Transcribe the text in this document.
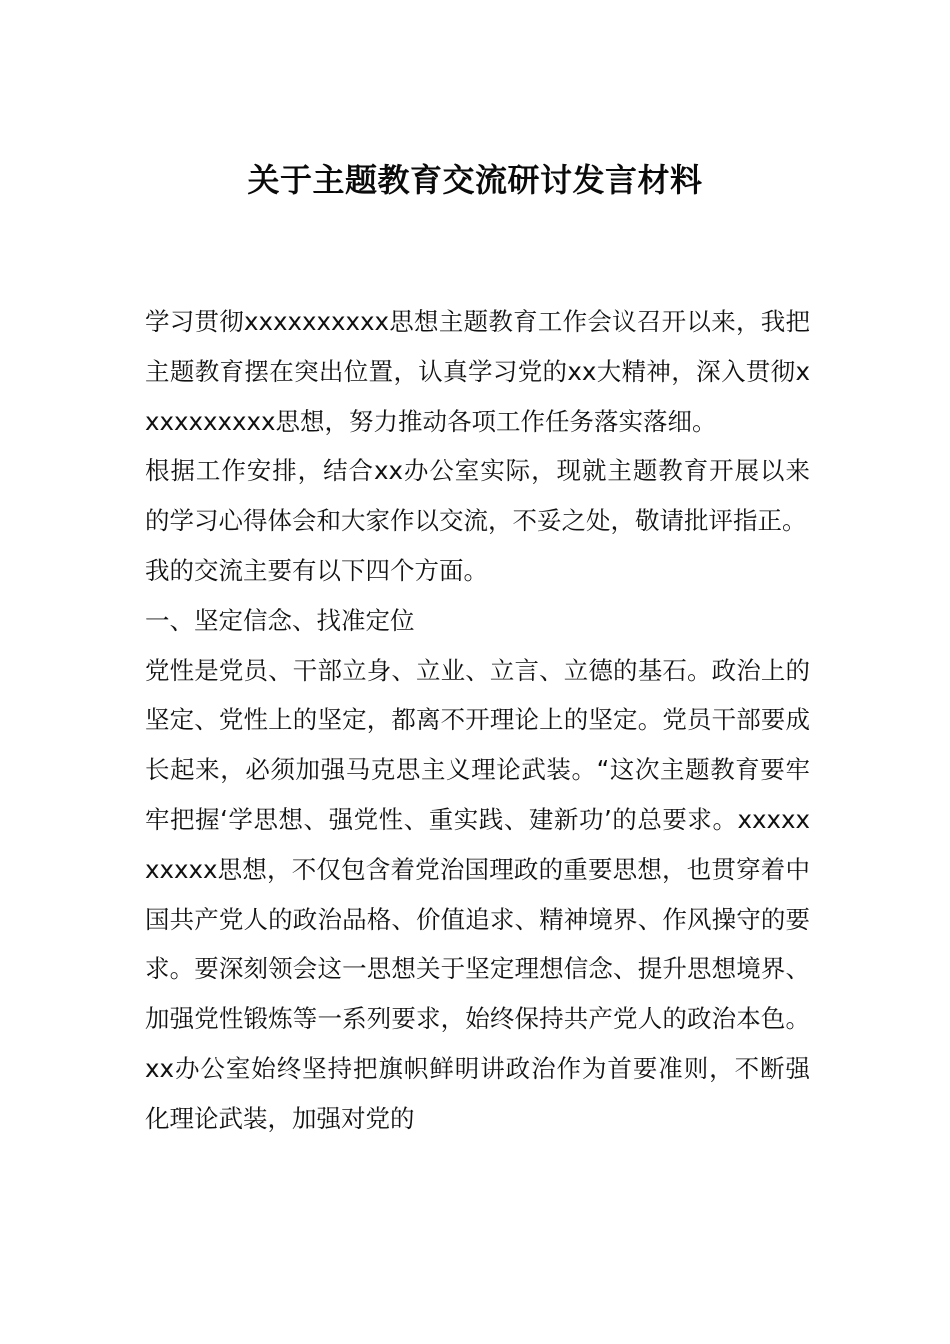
关于主题教育交流研讨发言材料

学习贯彻xxxxxxxxxx思想主题教育工作会议召开以来，我把主题教育摆在突出位置，认真学习党的xx大精神，深入贯彻xxxxxxxxxx思想，努力推动各项工作任务落实落细。

根据工作安排，结合xx办公室实际，现就主题教育开展以来的学习心得体会和大家作以交流，不妥之处，敬请批评指正。

我的交流主要有以下四个方面。

一、坚定信念、找准定位

党性是党员、干部立身、立业、立言、立德的基石。政治上的坚定、党性上的坚定，都离不开理论上的坚定。党员干部要成长起来，必须加强马克思主义理论武装。“这次主题教育要牢牢把握‘学思想、强党性、重实践、建新功’的总要求。xxxxxxxxxx思想，不仅包含着党治国理政的重要思想，也贯穿着中国共产党人的政治品格、价值追求、精神境界、作风操守的要求。要深刻领会这一思想关于坚定理想信念、提升思想境界、加强党性锻炼等一系列要求，始终保持共产党人的政治本色。xx办公室始终坚持把旗帜鲜明讲政治作为首要准则，不断强化理论武装，加强对党的
